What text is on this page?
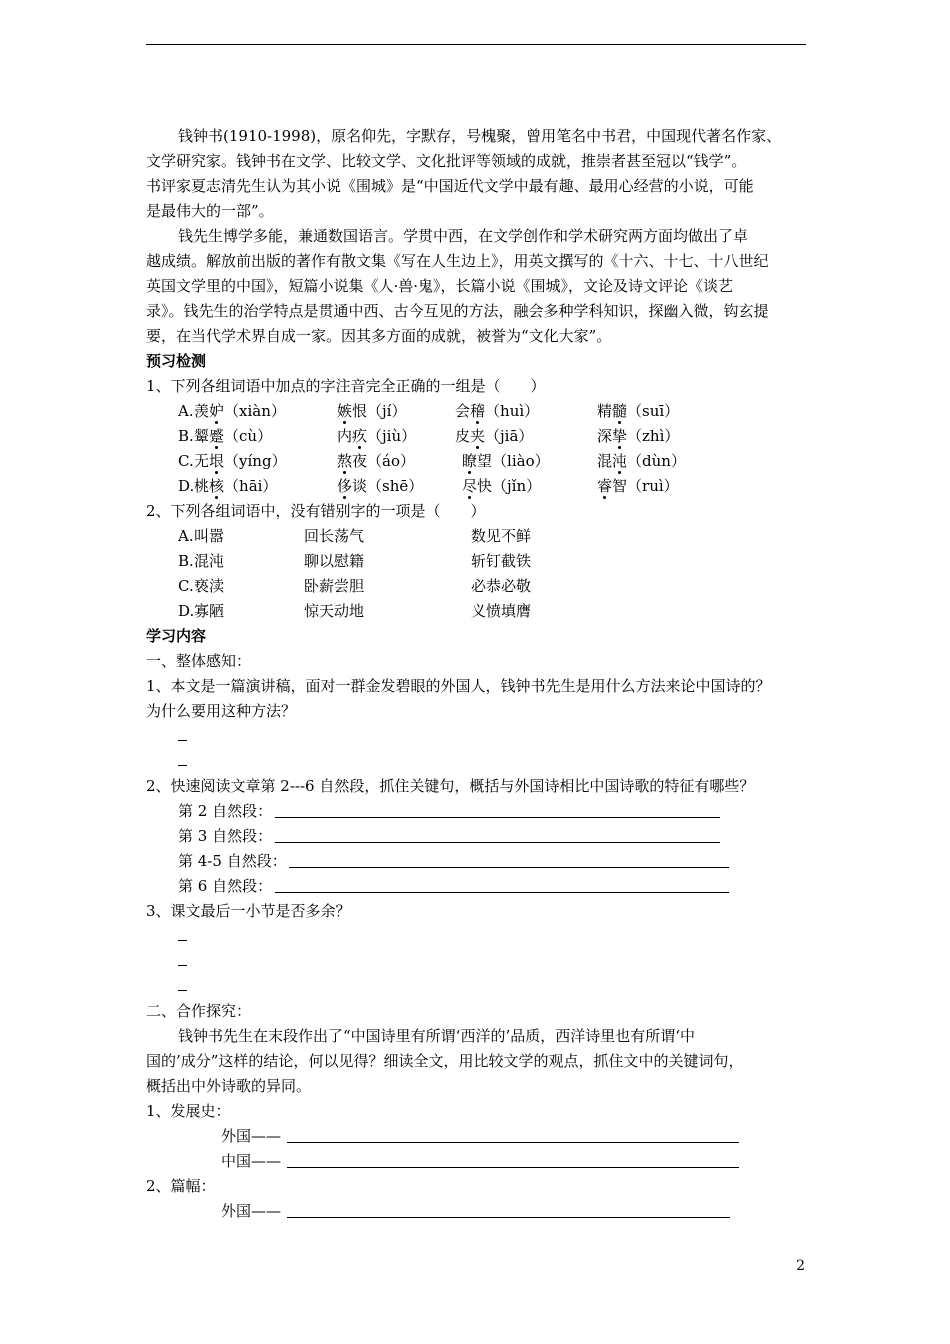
钱钟书(1910-1998)，原名仰先，字默存，号槐聚，曾用笔名中书君，中国现代著名作家、
文学研究家。钱钟书在文学、比较文学、文化批评等领域的成就，推崇者甚至冠以“钱学”。
书评家夏志清先生认为其小说《围城》是“中国近代文学中最有趣、最用心经营的小说，可能
是最伟大的一部”。
钱先生博学多能，兼通数国语言。学贯中西，在文学创作和学术研究两方面均做出了卓
越成绩。解放前出版的著作有散文集《写在人生边上》，用英文撰写的《十六、十七、十八世纪
英国文学里的中国》，短篇小说集《人·兽·鬼》，长篇小说《围城》，文论及诗文评论《谈艺
录》。钱先生的治学特点是贯通中西、古今互见的方法，融会多种学科知识，探幽入微，钩玄提
要，在当代学术界自成一家。因其多方面的成就，被誉为“文化大家”。
预习检测
1、下列各组词语中加点的字注音完全正确的一组是（　　）
A. 羡妒（xiàn）	嫉恨（jí）	会稽（huì）	精髓（suī）
B. 颦蹙（cù）	内疚（jiù）	皮夹（jiā）	深挚（zhì）
C. 无垠（yíng）	熬夜（áo）	瞭望（liào）	混沌（dùn）
D. 桃核（hāi）	侈谈（shē）	尽快（jǐn）	睿智（ruì）
2、下列各组词语中，没有错别字的一项是（　　）
A. 叫嚣	回长荡气	数见不鲜
B. 混沌	聊以慰籍	斩钉截铁
C. 亵渎	卧薪尝胆	必恭必敬
D. 寡陋	惊天动地	义愤填膺
学习内容
一、整体感知：
1、本文是一篇演讲稿，面对一群金发碧眼的外国人，钱钟书先生是用什么方法来论中国诗的？
为什么要用这种方法？
2、快速阅读文章第 2---6 自然段，抓住关键句，概括与外国诗相比中国诗歌的特征有哪些？
第 2 自然段：
第 3 自然段：
第 4-5 自然段：
第 6 自然段：
3、课文最后一小节是否多余？
二、合作探究：
钱钟书先生在末段作出了“中国诗里有所谓‘西洋的’品质，西洋诗里也有所谓‘中
国的’成分”这样的结论，何以见得？细读全文，用比较文学的观点，抓住文中的关键词句，
概括出中外诗歌的异同。
1、发展史：
外国——
中国——
2、篇幅：
外国——
2
